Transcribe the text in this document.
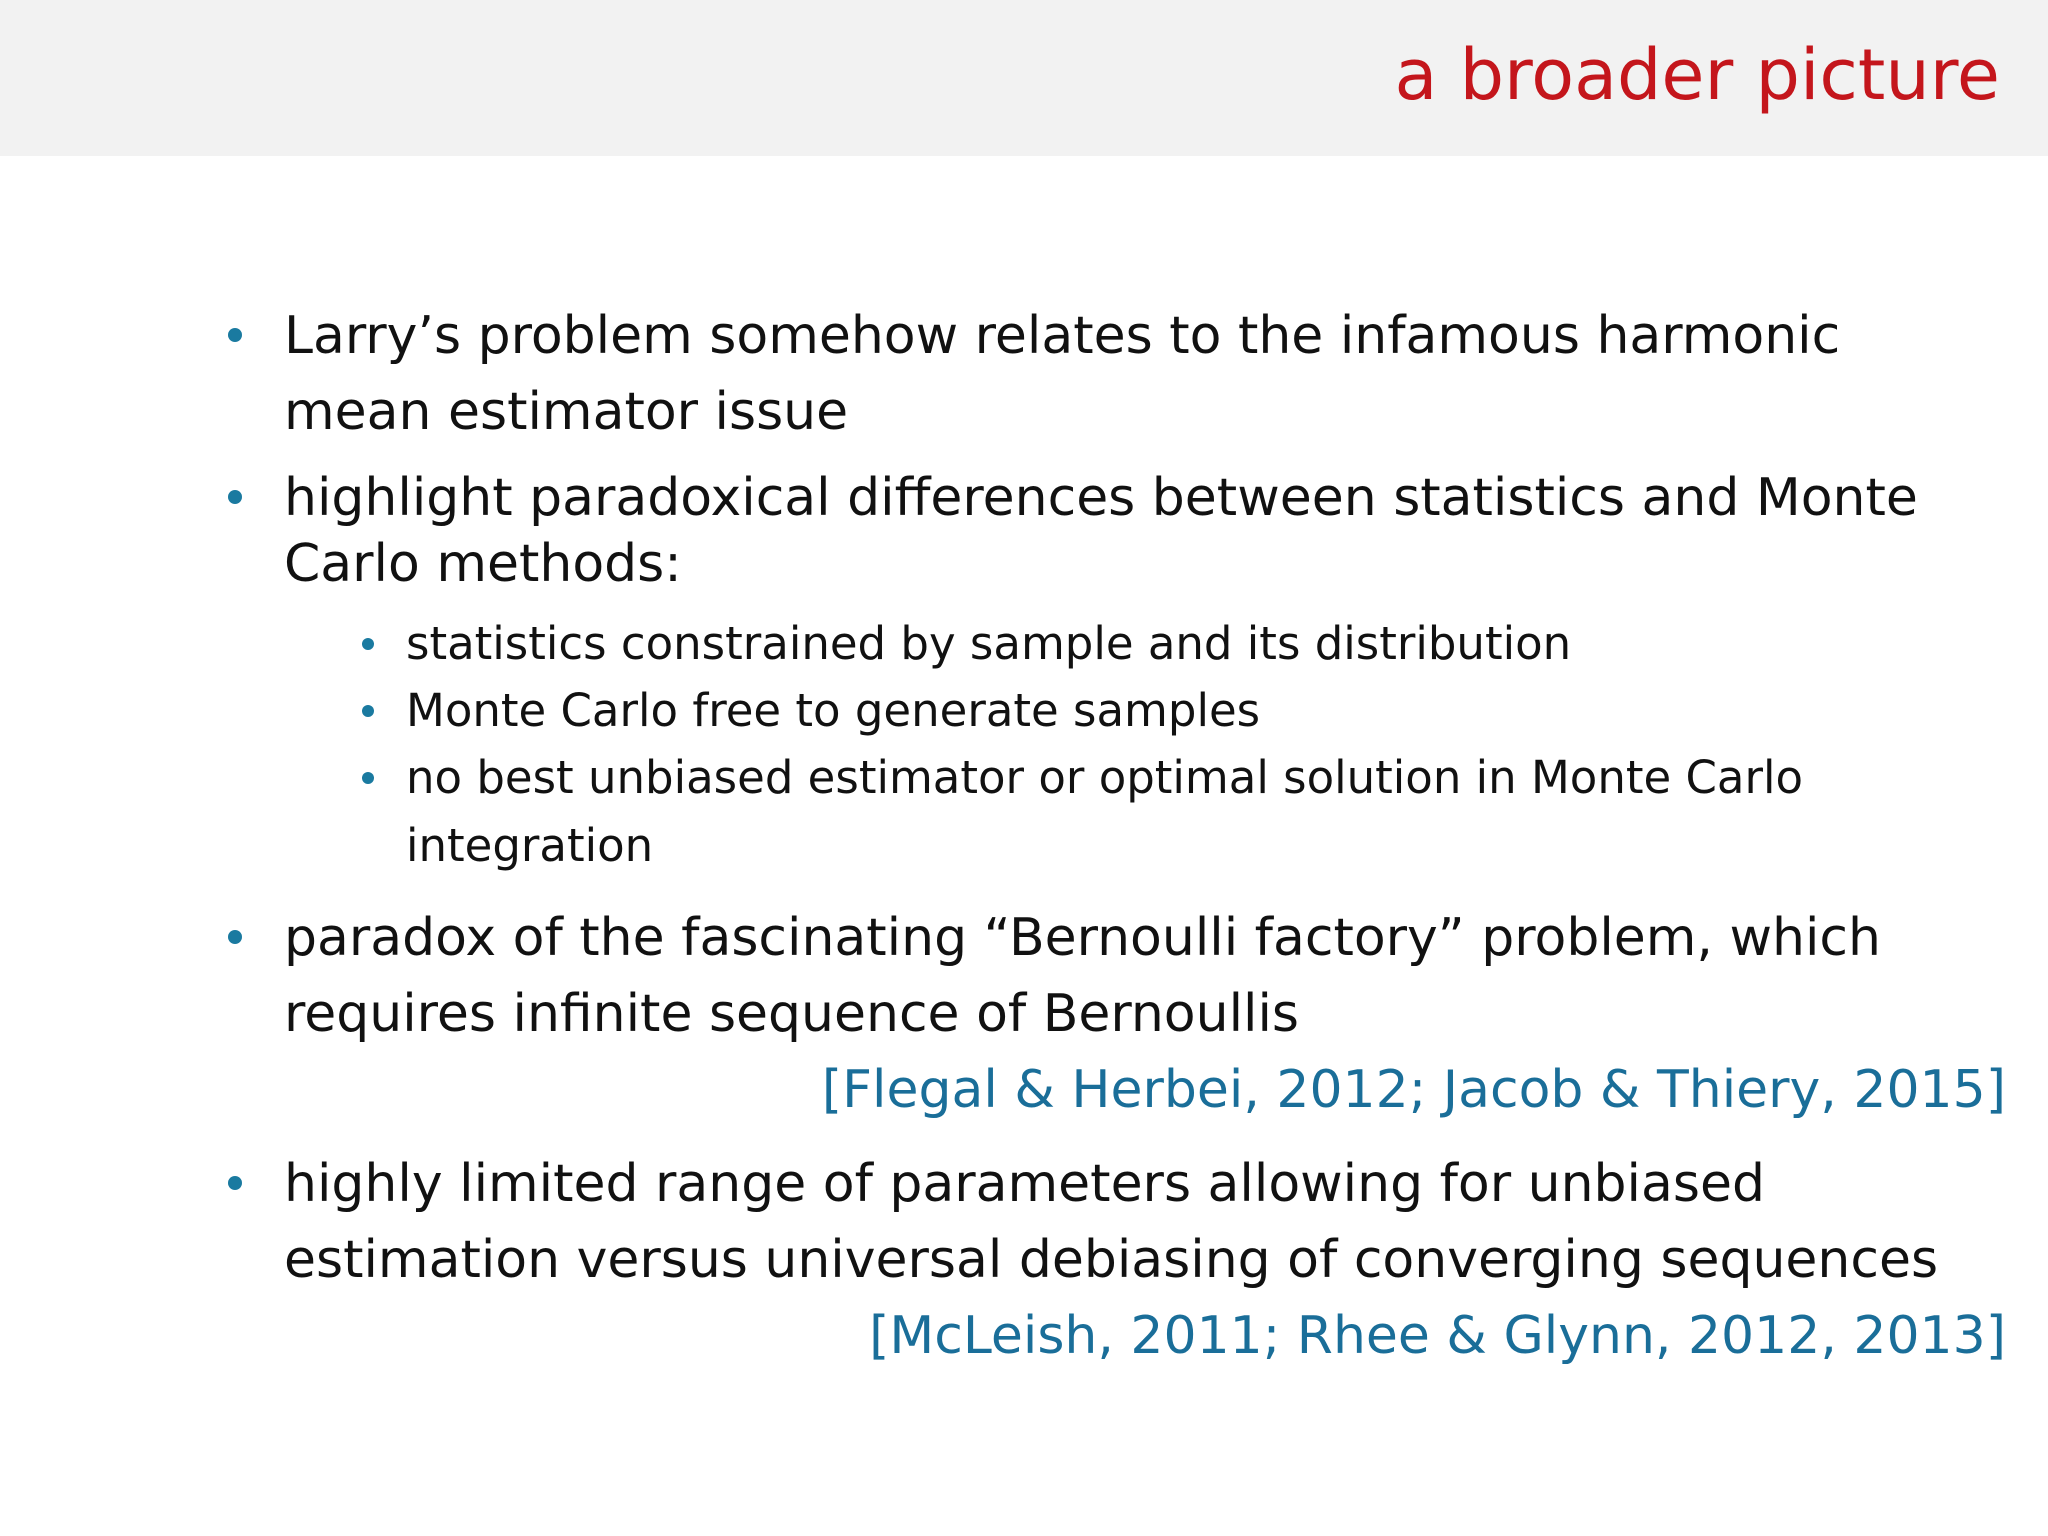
a broader picture
Larry’s problem somehow relates to the infamous harmonic
mean estimator issue
highlight paradoxical differences between statistics and Monte
Carlo methods:
statistics constrained by sample and its distribution
Monte Carlo free to generate samples
no best unbiased estimator or optimal solution in Monte Carlo
integration
paradox of the fascinating “Bernoulli factory” problem, which
requires infinite sequence of Bernoullis
[Flegal & Herbei, 2012; Jacob & Thiery, 2015]
highly limited range of parameters allowing for unbiased
estimation versus universal debiasing of converging sequences
[McLeish, 2011; Rhee & Glynn, 2012, 2013]
